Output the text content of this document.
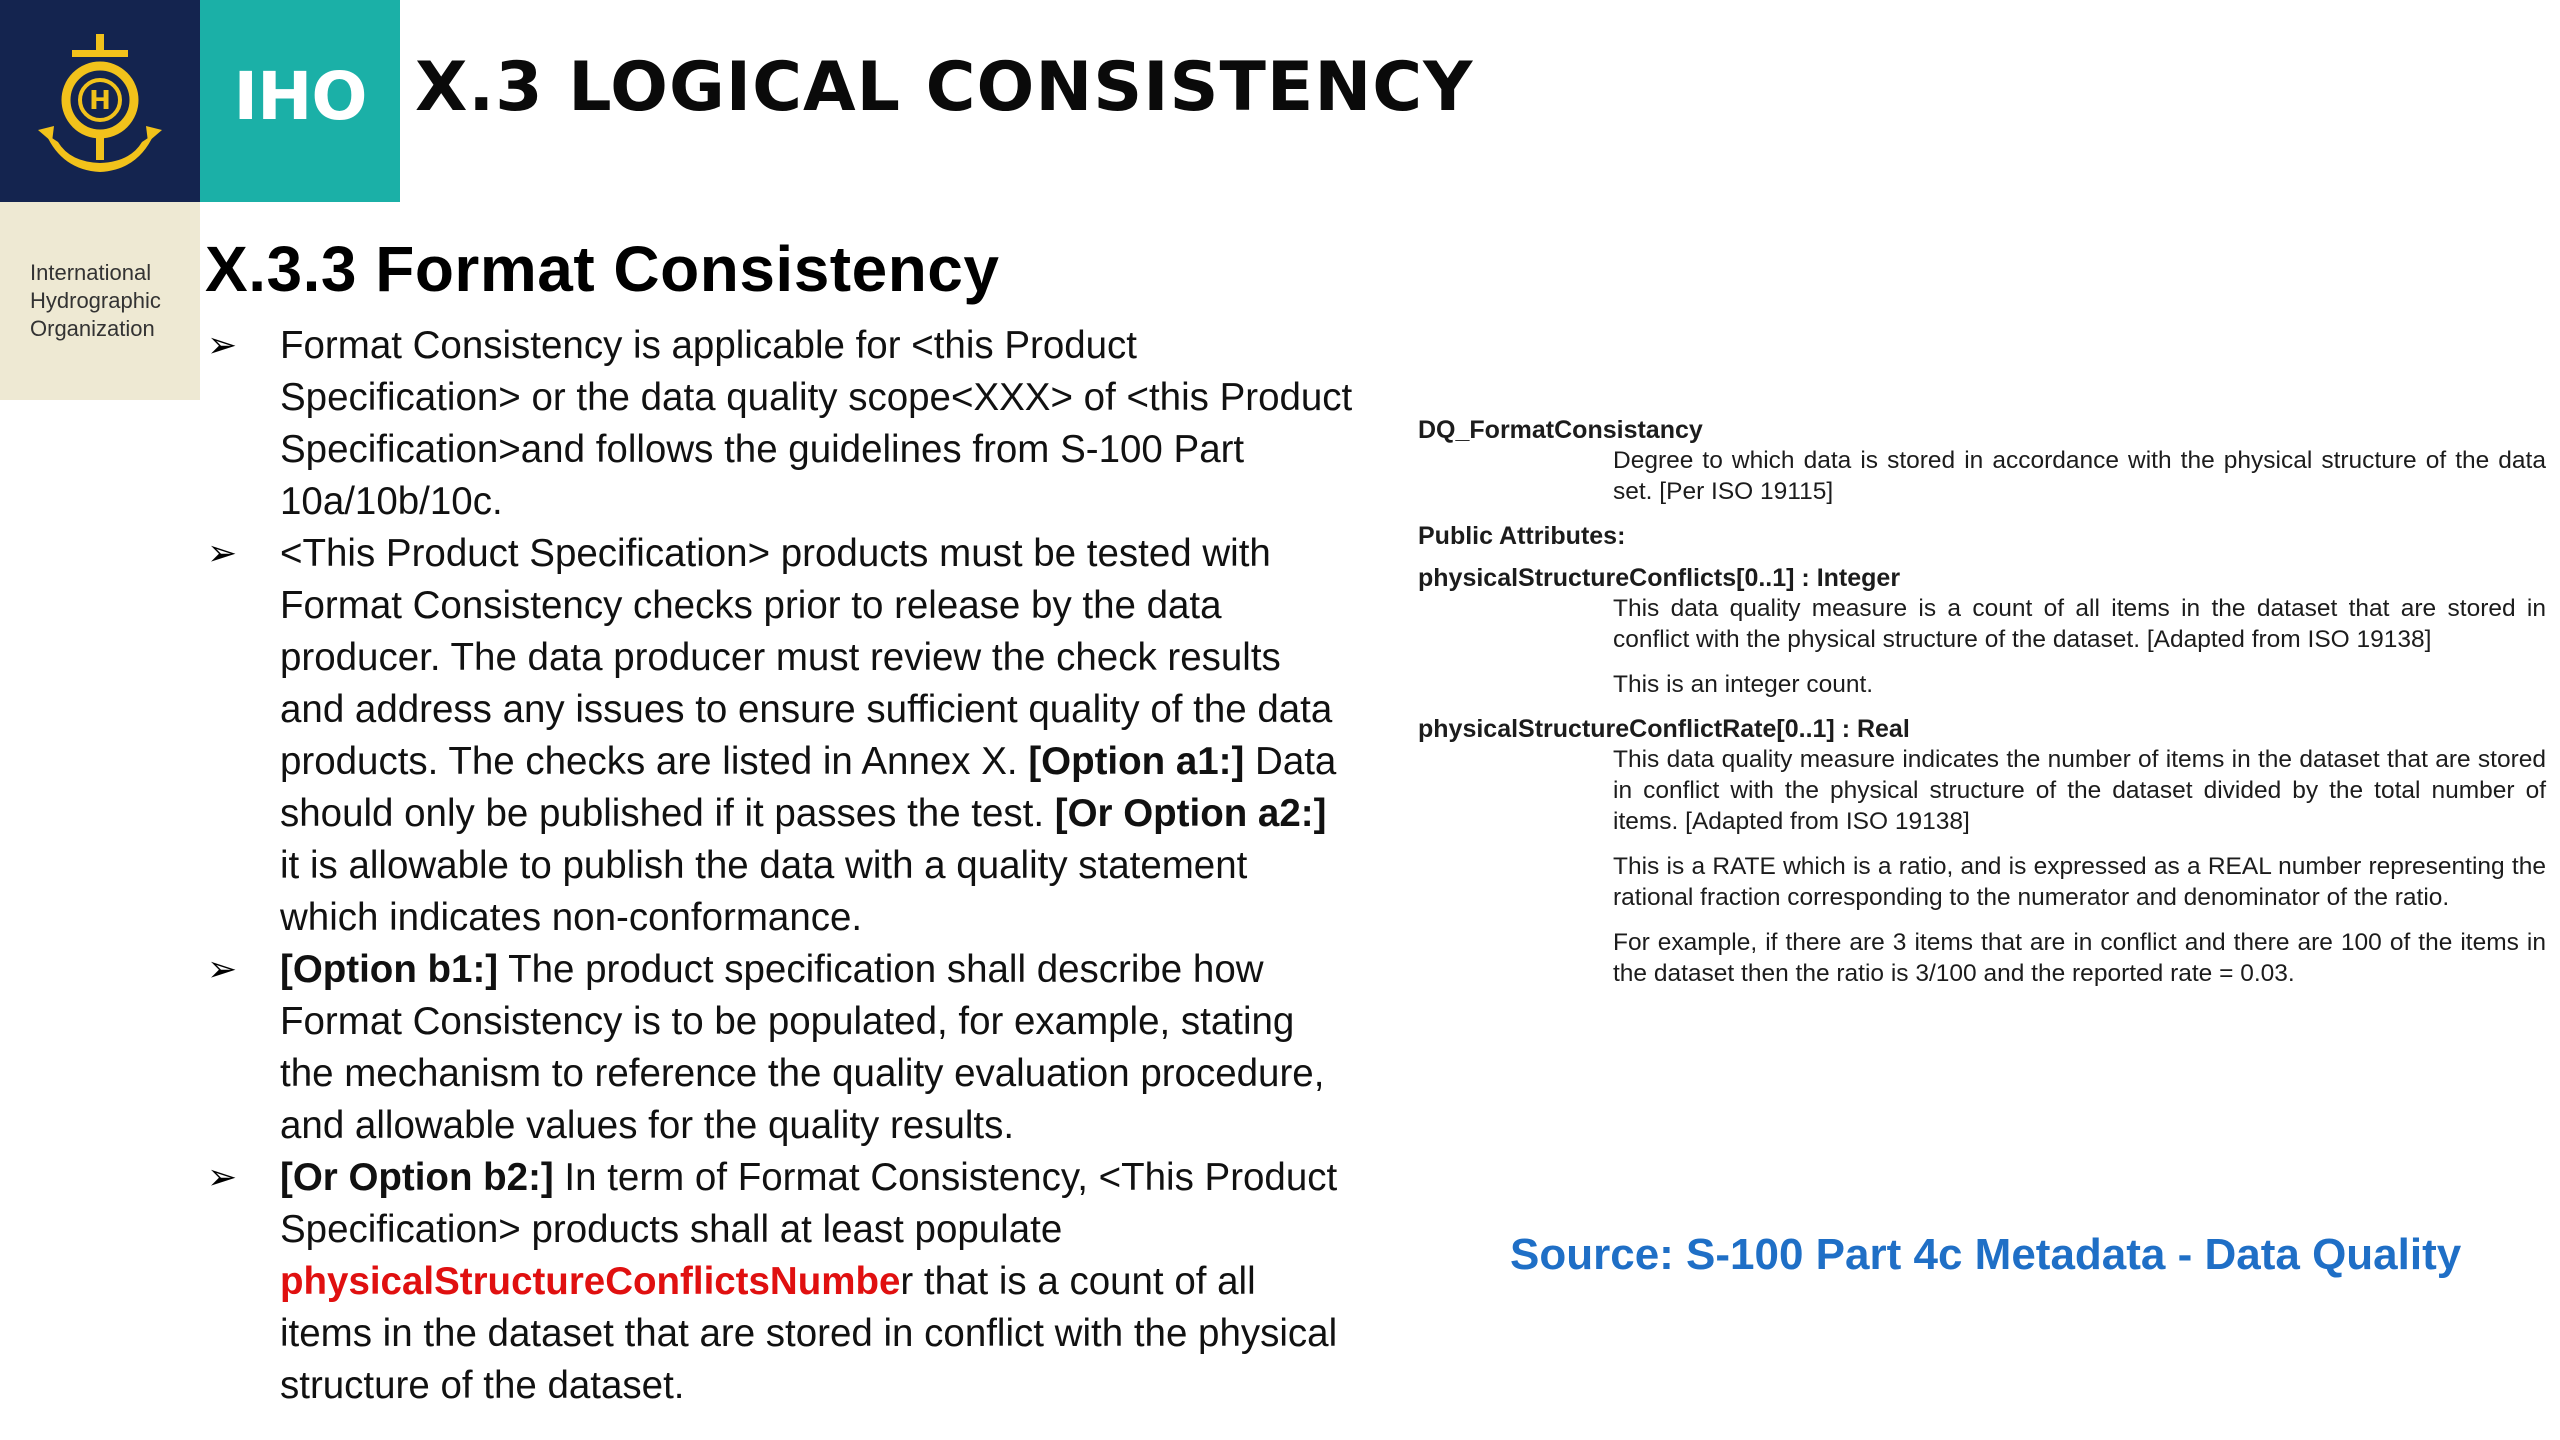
H	IHO
International
Hydrographic
Organization
X.3 LOGICAL CONSISTENCY
X.3.3 Format Consistency
➢ Format Consistency is applicable for <this Product Specification> or the data quality scope<XXX> of <this Product Specification>and follows the guidelines from S-100 Part 10a/10b/10c.
➢ <This Product Specification> products must be tested with Format Consistency checks prior to release by the data producer. The data producer must review the check results and address any issues to ensure sufficient quality of the data products. The checks are listed in Annex X. [Option a1:] Data should only be published if it passes the test. [Or Option a2:] it is allowable to publish the data with a quality statement which indicates non-conformance.
➢ [Option b1:] The product specification shall describe how Format Consistency is to be populated, for example, stating the mechanism to reference the quality evaluation procedure, and allowable values for the quality results.
➢ [Or Option b2:] In term of Format Consistency, <This Product Specification> products shall at least populate physicalStructureConflictsNumber that is a count of all items in the dataset that are stored in conflict with the physical structure of the dataset.
DQ_FormatConsistancy
Degree to which data is stored in accordance with the physical structure of the data set. [Per ISO 19115]
Public Attributes:
physicalStructureConflicts[0..1] : Integer
This data quality measure is a count of all items in the dataset that are stored in conflict with the physical structure of the dataset. [Adapted from ISO 19138]
This is an integer count.
physicalStructureConflictRate[0..1] : Real
This data quality measure indicates the number of items in the dataset that are stored in conflict with the physical structure of the dataset divided by the total number of items. [Adapted from ISO 19138]
This is a RATE which is a ratio, and is expressed as a REAL number representing the rational fraction corresponding to the numerator and denominator of the ratio.
For example, if there are 3 items that are in conflict and there are 100 of the items in the dataset then the ratio is 3/100 and the reported rate = 0.03.
Source: S-100 Part 4c Metadata - Data Quality
